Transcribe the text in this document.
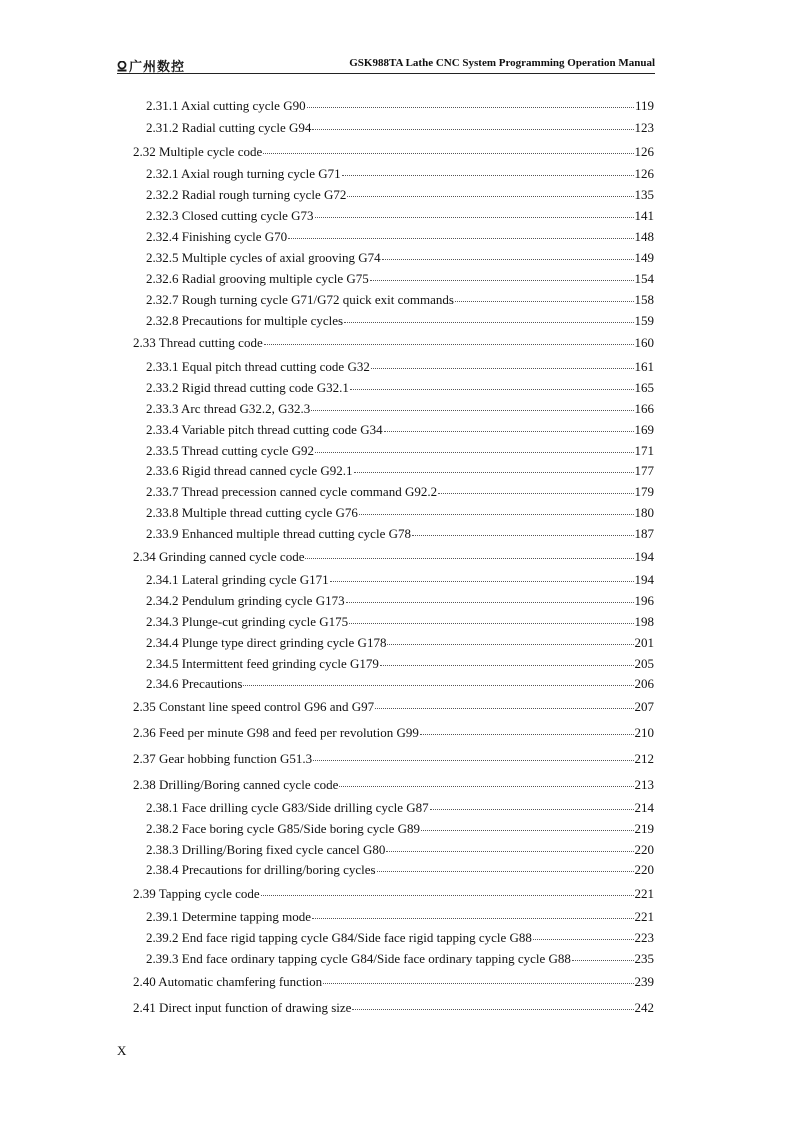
广州数控	GSK988TA Lathe CNC System Programming Operation Manual
2.31.1 Axial cutting cycle G90	119
2.31.2 Radial cutting cycle G94	123
2.32 Multiple cycle code	126
2.32.1 Axial rough turning cycle G71	126
2.32.2 Radial rough turning cycle G72	135
2.32.3 Closed cutting cycle G73	141
2.32.4 Finishing cycle G70	148
2.32.5 Multiple cycles of axial grooving G74	149
2.32.6 Radial grooving multiple cycle G75	154
2.32.7 Rough turning cycle G71/G72 quick exit commands	158
2.32.8 Precautions for multiple cycles	159
2.33 Thread cutting code	160
2.33.1 Equal pitch thread cutting code G32	161
2.33.2 Rigid thread cutting code G32.1	165
2.33.3 Arc thread G32.2, G32.3	166
2.33.4 Variable pitch thread cutting code G34	169
2.33.5 Thread cutting cycle G92	171
2.33.6 Rigid thread canned cycle G92.1	177
2.33.7 Thread precession canned cycle command G92.2	179
2.33.8 Multiple thread cutting cycle G76	180
2.33.9 Enhanced multiple thread cutting cycle G78	187
2.34 Grinding canned cycle code	194
2.34.1 Lateral grinding cycle G171	194
2.34.2 Pendulum grinding cycle G173	196
2.34.3 Plunge-cut grinding cycle G175	198
2.34.4 Plunge type direct grinding cycle G178	201
2.34.5 Intermittent feed grinding cycle G179	205
2.34.6 Precautions	206
2.35 Constant line speed control G96 and G97	207
2.36 Feed per minute G98 and feed per revolution G99	210
2.37 Gear hobbing function G51.3	212
2.38 Drilling/Boring canned cycle code	213
2.38.1 Face drilling cycle G83/Side drilling cycle G87	214
2.38.2 Face boring cycle G85/Side boring cycle G89	219
2.38.3 Drilling/Boring fixed cycle cancel G80	220
2.38.4 Precautions for drilling/boring cycles	220
2.39 Tapping cycle code	221
2.39.1 Determine tapping mode	221
2.39.2 End face rigid tapping cycle G84/Side face rigid tapping cycle G88	223
2.39.3 End face ordinary tapping cycle G84/Side face ordinary tapping cycle G88	235
2.40 Automatic chamfering function	239
2.41 Direct input function of drawing size	242
X
